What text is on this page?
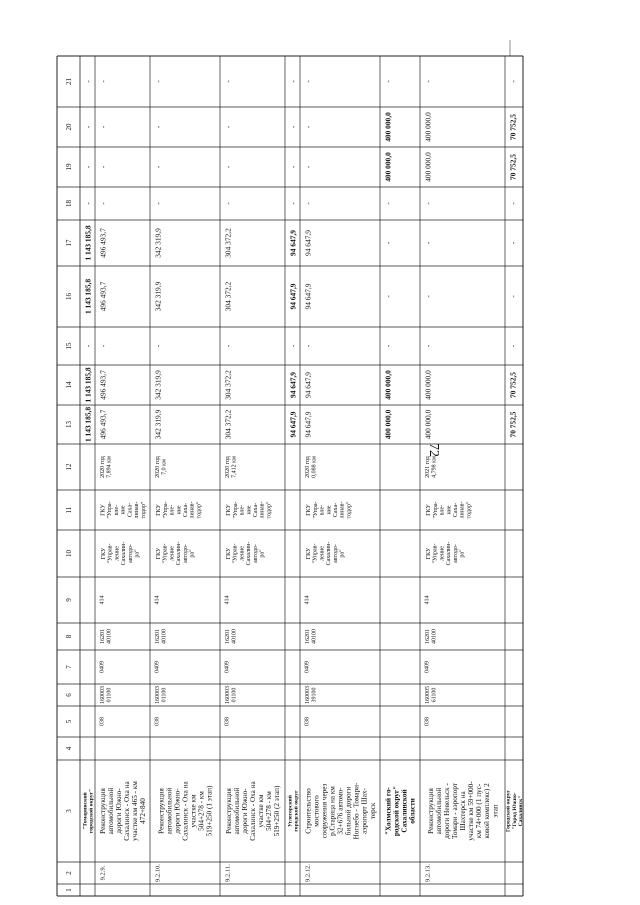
72
1
2
3
4
5
6
7
8
9
10
11
12
13
14
15
16
17
18
19
20
21
"Томаринский городской округ"
1 143 185,8
1 143 185,8
-
1 143 185,8
1 143 185,8
-
-
-
-
9.2.9.
Реконструкция автомобильной дороги Южно- Сахалинск - Оха на участке км 465 - км 472+840
038
160003 01100
0409
16201 40100
414
ГКУ "Управ- ление Сахалин- автодо- ра"
ГКУ "Упра- вле- ние Саха- линав- тодор"
2020 год 7,894 км
496 493,7
496 493,7
-
496 493,7
496 493,7
-
-
-
-
9.2.10.
Реконструкция автомобильной дороги Южно- Сахалинск - Оха на участке км 504+278 - км 519+250 (1 этап)
038
160003 01100
0409
16201 40100
414
ГКУ "Управ- ление Сахалин- автодо- ра"
ГКУ "Упра- вле- ние Саха- линав- тодор"
2020 год 7,0 км
342 319,9
342 319,9
-
342 319,9
342 319,9
-
-
-
-
9.2.11.
Реконструкция автомобильной дороги Южно- Сахалинск - Оха на участке км 504+278 - км 519+250 (2 этап)
038
160003 01100
0409
16201 40100
414
ГКУ "Управ- ление Сахалин- автодо- ра"
ГКУ "Упра- вле- ние Саха- линав- тодор"
2020 год 7,412 км
304 372,2
304 372,2
-
304 372,2
304 372,2
-
-
-
-
Углегорский городской округ
94 647,9
94 647,9
-
94 647,9
94 647,9
-
-
-
-
9.2.12.
Строительство мостового сооружения через р.Старица на км 32+676 автомо- бильной дороги Ногнебо - Томари- аэропорт Шах- терск
038
160003 39100
0409
16201 40100
414
ГКУ "Управ- ление Сахалин- автодо- ра"
ГКУ "Упра- вле- ние Саха- линав- тодор"
2020 год 0,088 км
94 647,9
94 647,9
-
94 647,9
94 647,9
-
-
-
-
"Холмский го- родской округ" Сахалинской области
400 000,0
400 000,0
-
-
-
-
400 000,0
400 000,0
-
9.2.13.
Реконструкция автомобильной дороги Невельск - Томари - аэропорт Шахтерск на участке км 59+000- км 74+000 (1 пус- ковой комплекс) 2 этап
038
160005 61100
0409
16201 40100
414
ГКУ "Управ- ление Сахалин- автодо- ра"
ГКУ "Упра- вле- ние Саха- линав- тодор"
2021 год 4,798 км
400 000,0
400 000,0
-
-
-
-
400 000,0
400 000,0
-
Городской округ "Город Южно- Сахалинск"
70 752,5
70 752,5
-
-
-
-
70 752,5
70 752,5
-
